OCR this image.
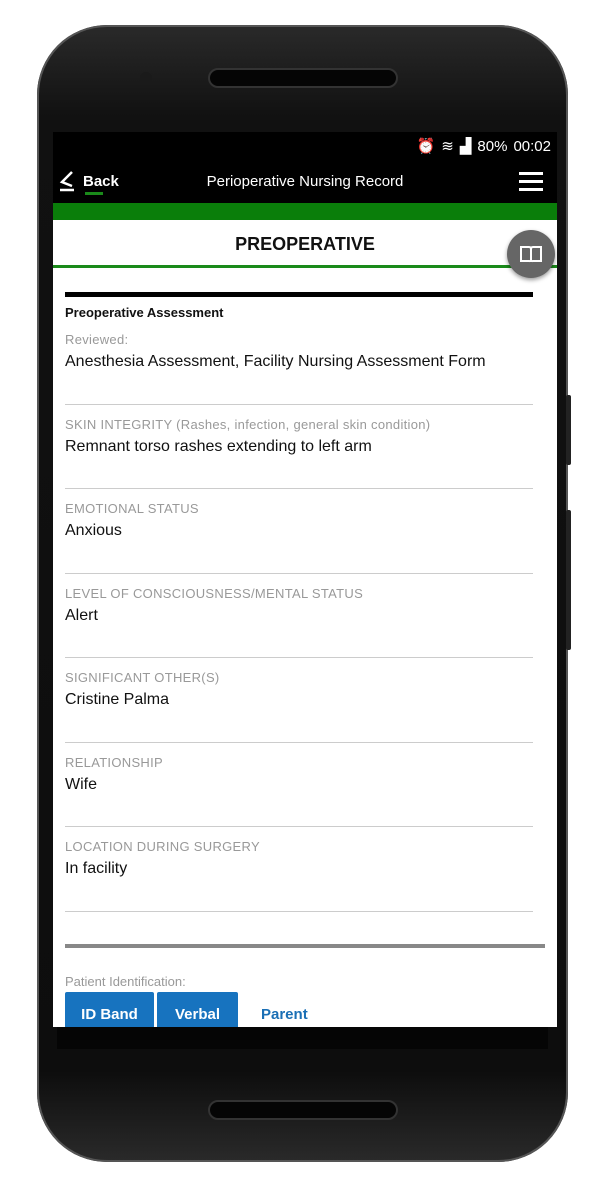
⏰ ≋ ▟ 80% 00:02
Back	Perioperative Nursing Record
PREOPERATIVE
Preoperative Assessment
Reviewed:
Anesthesia Assessment, Facility Nursing Assessment Form
SKIN INTEGRITY (Rashes, infection, general skin condition)
Remnant torso rashes extending to left arm
EMOTIONAL STATUS
Anxious
LEVEL OF CONSCIOUSNESS/MENTAL STATUS
Alert
SIGNIFICANT OTHER(S)
Cristine Palma
RELATIONSHIP
Wife
LOCATION DURING SURGERY
In facility
Patient Identification:
ID Band	Verbal	Parent
